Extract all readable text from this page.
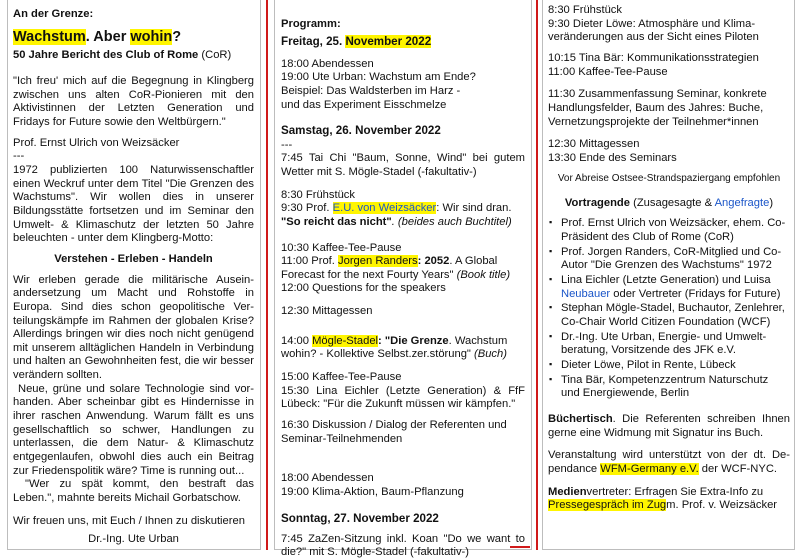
An der Grenze:

Wachstum. Aber wohin?

50 Jahre Bericht des Club of Rome (CoR)

"Ich freu' mich auf die Begegnung in Klingberg zwischen uns alten CoR-Pionieren mit den Aktivistinnen der Letzten Generation und Fridays for Future sowie den Weltbürgern."

Prof. Ernst Ulrich von Weizsäcker

---

1972 publizierten 100 Naturwissenschaftler einen Weckruf unter dem Titel "Die Grenzen des Wachstums". Wir wollen dies in unserer Bildungsstätte fortsetzen und im Seminar den Umwelt- & Klimaschutz der letzten 50 Jahre beleuchten - unter dem Klingberg-Motto:

Verstehen - Erleben - Handeln

Wir erleben gerade die militärische Ausein-andersetzung um Macht und Rohstoffe in Europa. Sind dies schon geopolitische Ver-teilungskämpfe im Rahmen der globalen Krise? Allerdings bringen wir dies noch nicht genügend mit unserem alltäglichen Handeln in Verbindung und halten an Gewohnheiten fest, die wir besser verändern sollten.

Neue, grüne und solare Technologie sind vor-handen. Aber scheinbar gibt es Hindernisse in ihrer raschen Anwendung. Warum fällt es uns gesellschaftlich so schwer, Handlungen zu unterlassen, die dem Natur- & Klimaschutz entgegenlaufen, obwohl dies auch ein Beitrag zur Friedenspolitik wäre? Time is running out...

"Wer zu spät kommt, den bestraft das Leben.", mahnte bereits Michail Gorbatschow.

Wir freuen uns, mit Euch / Ihnen zu diskutieren

Dr.-Ing. Ute Urban

Programm:

Freitag, 25. November 2022

18:00 Abendessen

19:00 Ute Urban: Wachstum am Ende?

Beispiel: Das Waldsterben im Harz -

und das Experiment Eisschmelze

Samstag, 26. November 2022

---

7:45 Tai Chi "Baum, Sonne, Wind" bei gutem Wetter mit S. Mögle-Stadel (-fakultativ-)

8:30 Frühstück

9:30 Prof. E.U. von Weizsäcker: Wir sind dran.

"So reicht das nicht". (beides auch Buchtitel)

10:30 Kaffee-Tee-Pause

11:00 Prof. Jorgen Randers: 2052. A Global

Forecast for the next Fourty Years" (Book title)

12:00 Questions for the speakers

12:30 Mittagessen

14:00 Mögle-Stadel: "Die Grenze. Wachstum

wohin? - Kollektive Selbst.zer.störung" (Buch)

15:00 Kaffee-Tee-Pause

15:30 Lina Eichler (Letzte Generation) & FfF Lübeck: "Für die Zukunft müssen wir kämpfen."

16:30 Diskussion / Dialog der Referenten und Seminar-Teilnehmenden

18:00 Abendessen

19:00 Klima-Aktion, Baum-Pflanzung

Sonntag, 27. November 2022

7:45 ZaZen-Sitzung inkl. Koan "Do we want to die?" mit S. Mögle-Stadel (-fakultativ-)

8:30 Frühstück

9:30 Dieter Löwe: Atmosphäre und Klima-veränderungen aus der Sicht eines Piloten

10:15 Tina Bär: Kommunikationsstrategien

11:00 Kaffee-Tee-Pause

11:30 Zusammenfassung Seminar, konkrete Handlungsfelder, Baum des Jahres: Buche, Vernetzungsprojekte der Teilnehmer*innen

12:30 Mittagessen

13:30 Ende des Seminars

Vor Abreise Ostsee-Strandspaziergang empfohlen

Vortragende (Zusagesagte & Angefragte)

▪ Prof. Ernst Ulrich von Weizsäcker, ehem. Co-Präsident des Club of Rome (CoR)
▪ Prof. Jorgen Randers, CoR-Mitglied und Co-Autor "Die Grenzen des Wachstums" 1972
▪ Lina Eichler (Letzte Generation) und Luisa Neubauer oder Vertreter (Fridays for Future)
▪ Stephan Mögle-Stadel, Buchautor, Zenlehrer, Co-Chair World Citizen Foundation (WCF)
▪ Dr.-Ing. Ute Urban, Energie- und Umwelt-beratung, Vorsitzende des JFK e.V.
▪ Dieter Löwe, Pilot in Rente, Lübeck
▪ Tina Bär, Kompetenzzentrum Naturschutz und Energiewende, Berlin

Büchertisch. Die Referenten schreiben Ihnen gerne eine Widmung mit Signatur ins Buch.

Veranstaltung wird unterstützt von der dt. De-pendance WFM-Germany e.V. der WCF-NYC.

Medienvertreter: Erfragen Sie Extra-Info zu
Pressegespräch im Zugm. Prof. v. Weizsäcker
